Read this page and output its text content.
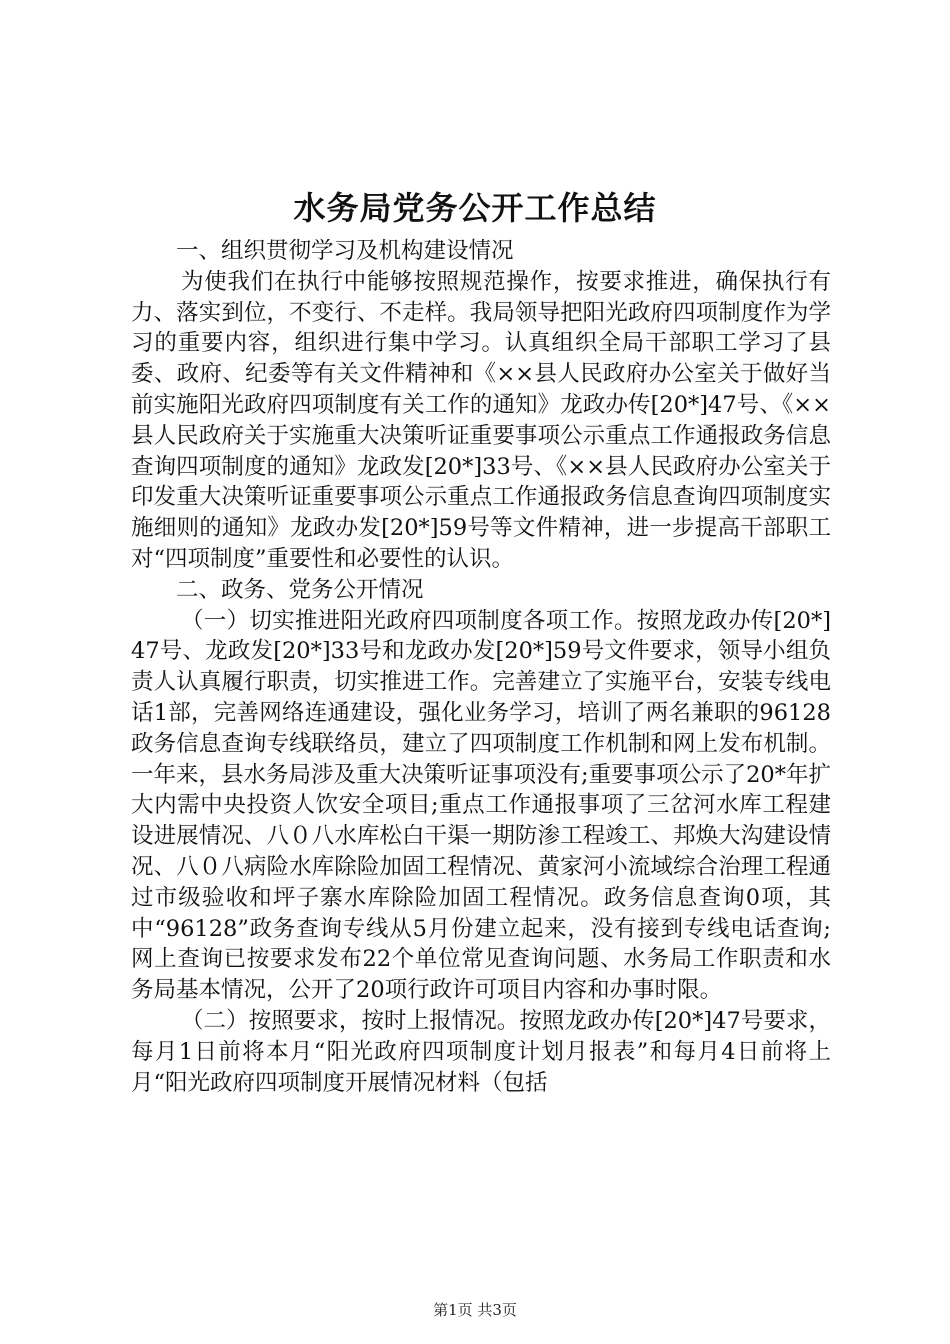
水务局党务公开工作总结

一、组织贯彻学习及机构建设情况

为使我们在执行中能够按照规范操作，按要求推进，确保执行有力、落实到位，不变行、不走样。我局领导把阳光政府四项制度作为学习的重要内容，组织进行集中学习。认真组织全局干部职工学习了县委、政府、纪委等有关文件精神和《××县人民政府办公室关于做好当前实施阳光政府四项制度有关工作的通知》龙政办传[20*]47号、《××县人民政府关于实施重大决策听证重要事项公示重点工作通报政务信息查询四项制度的通知》龙政发[20*]33号、《××县人民政府办公室关于印发重大决策听证重要事项公示重点工作通报政务信息查询四项制度实施细则的通知》龙政办发[20*]59号等文件精神，进一步提高干部职工对“四项制度”重要性和必要性的认识。

二、政务、党务公开情况

（一）切实推进阳光政府四项制度各项工作。按照龙政办传[20*]47号、龙政发[20*]33号和龙政办发[20*]59号文件要求，领导小组负责人认真履行职责，切实推进工作。完善建立了实施平台，安装专线电话1部，完善网络连通建设，强化业务学习，培训了两名兼职的96128政务信息查询专线联络员，建立了四项制度工作机制和网上发布机制。一年来，县水务局涉及重大决策听证事项没有;重要事项公示了20*年扩大内需中央投资人饮安全项目;重点工作通报事项了三岔河水库工程建设进展情况、八０八水库松白干渠一期防渗工程竣工、邦焕大沟建设情况、八０八病险水库除险加固工程情况、黄家河小流域综合治理工程通过市级验收和坪子寨水库除险加固工程情况。政务信息查询0项，其中“96128”政务查询专线从5月份建立起来，没有接到专线电话查询;网上查询已按要求发布22个单位常见查询问题、水务局工作职责和水务局基本情况，公开了20项行政许可项目内容和办事时限。

（二）按照要求，按时上报情况。按照龙政办传[20*]47号要求，每月1日前将本月“阳光政府四项制度计划月报表”和每月4日前将上月“阳光政府四项制度开展情况材料（包括

第1页 共3页
